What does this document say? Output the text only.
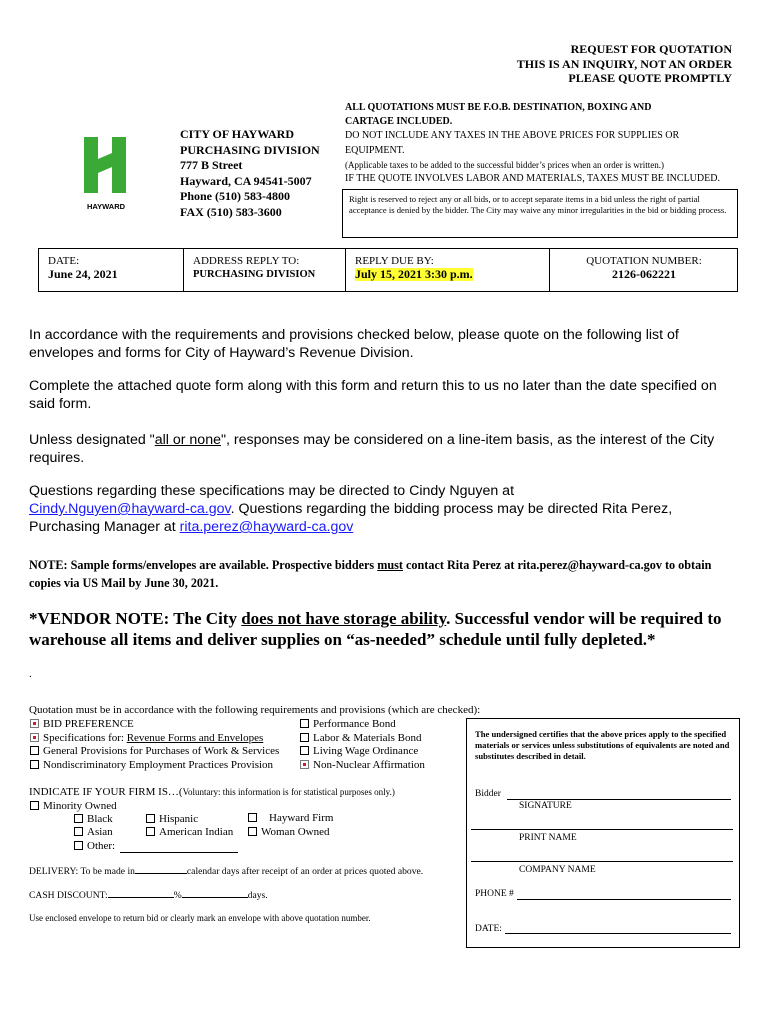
REQUEST FOR QUOTATION
THIS IS AN INQUIRY, NOT AN ORDER
PLEASE QUOTE PROMPTLY
HAYWARD
CITY OF HAYWARD
PURCHASING DIVISION
777 B Street
Hayward, CA 94541-5007
Phone (510) 583-4800
FAX (510) 583-3600
ALL QUOTATIONS MUST BE F.O.B. DESTINATION, BOXING AND
CARTAGE INCLUDED.
DO NOT INCLUDE ANY TAXES IN THE ABOVE PRICES FOR SUPPLIES OR
EQUIPMENT.
(Applicable taxes to be added to the successful bidder’s prices when an order is written.)
IF THE QUOTE INVOLVES LABOR AND MATERIALS, TAXES MUST BE INCLUDED.
Right is reserved to reject any or all bids, or to accept separate items in a bid unless the right of partial acceptance is denied by the bidder. The City may waive any minor irregularities in the bid or bidding process.
DATE:
June 24, 2021
ADDRESS REPLY TO:
PURCHASING DIVISION
REPLY DUE BY:
July 15, 2021 3:30 p.m.
QUOTATION NUMBER:
2126-062221
In accordance with the requirements and provisions checked below, please quote on the following list of envelopes and forms for City of Hayward’s Revenue Division.
Complete the attached quote form along with this form and return this to us no later than the date specified on said form.
Unless designated "all or none", responses may be considered on a line-item basis, as the interest of the City requires.
Questions regarding these specifications may be directed to Cindy Nguyen at
Cindy.Nguyen@hayward-ca.gov. Questions regarding the bidding process may be directed Rita Perez, Purchasing Manager at rita.perez@hayward-ca.gov
NOTE: Sample forms/envelopes are available. Prospective bidders must contact Rita Perez at rita.perez@hayward-ca.gov to obtain copies via US Mail by June 30, 2021.
*VENDOR NOTE: The City does not have storage ability. Successful vendor will be required to warehouse all items and deliver supplies on “as-needed” schedule until fully depleted.*
.
Quotation must be in accordance with the following requirements and provisions (which are checked):
BID PREFERENCE
Specifications for: Revenue Forms and Envelopes
General Provisions for Purchases of Work & Services
Nondiscriminatory Employment Practices Provision
Performance Bond
Labor & Materials Bond
Living Wage Ordinance
Non-Nuclear Affirmation
INDICATE IF YOUR FIRM IS…(Voluntary: this information is for statistical purposes only.)
Minority Owned
Black	Hispanic	Hayward Firm
Asian	American Indian	Woman Owned
Other:
DELIVERY: To be made in	calendar days after receipt of an order at prices quoted above.
CASH DISCOUNT:	%	days.
Use enclosed envelope to return bid or clearly mark an envelope with above quotation number.
The undersigned certifies that the above prices apply to the specified materials or services unless substitutions of equivalents are noted and substitutes described in detail.
Bidder
SIGNATURE
PRINT NAME
COMPANY NAME
PHONE #
DATE:
